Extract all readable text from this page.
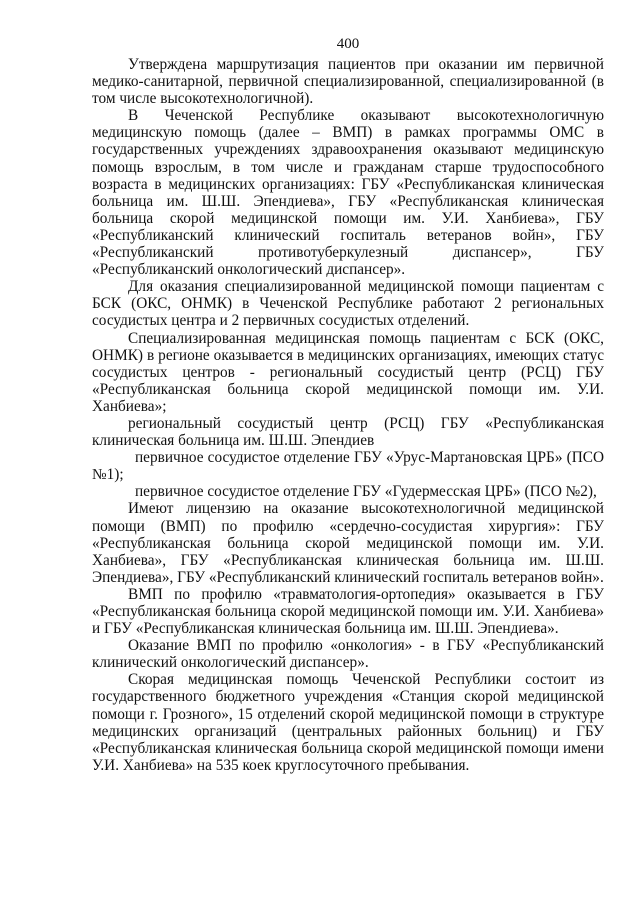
400

Утверждена маршрутизация пациентов при оказании им первичной медико-санитарной, первичной специализированной, специализированной (в том числе высокотехнологичной).

В Чеченской Республике оказывают высокотехнологичную медицинскую помощь (далее – ВМП) в рамках программы ОМС в государственных учреждениях здравоохранения оказывают медицинскую помощь взрослым, в том числе и гражданам старше трудоспособного возраста в медицинских организациях: ГБУ «Республиканская клиническая больница им. Ш.Ш. Эпендиева», ГБУ «Республиканская клиническая больница скорой медицинской помощи им. У.И. Ханбиева», ГБУ «Республиканский клинический госпиталь ветеранов войн», ГБУ «Республиканский противотуберкулезный диспансер», ГБУ «Республиканский онкологический диспансер».

Для оказания специализированной медицинской помощи пациентам с БСК (ОКС, ОНМК) в Чеченской Республике работают 2 региональных сосудистых центра и 2 первичных сосудистых отделений.

Специализированная медицинская помощь пациентам с БСК (ОКС, ОНМК) в регионе оказывается в медицинских организациях, имеющих статус сосудистых центров - региональный сосудистый центр (РСЦ) ГБУ «Республиканская больница скорой медицинской помощи им. У.И. Ханбиева»;

региональный сосудистый центр (РСЦ) ГБУ «Республиканская клиническая больница им. Ш.Ш. Эпендиев

первичное сосудистое отделение ГБУ «Урус-Мартановская ЦРБ» (ПСО №1);

первичное сосудистое отделение ГБУ «Гудермесская ЦРБ» (ПСО №2),

Имеют лицензию на оказание высокотехнологичной медицинской помощи (ВМП) по профилю «сердечно-сосудистая хирургия»: ГБУ «Республиканская больница скорой медицинской помощи им. У.И. Ханбиева», ГБУ «Республиканская клиническая больница им. Ш.Ш. Эпендиева», ГБУ «Республиканский клинический госпиталь ветеранов войн».

ВМП по профилю «травматология-ортопедия» оказывается в ГБУ «Республиканская больница скорой медицинской помощи им. У.И. Ханбиева» и ГБУ «Республиканская клиническая больница им. Ш.Ш. Эпендиева».

Оказание ВМП по профилю «онкология» - в ГБУ «Республиканский клинический онкологический диспансер».

Скорая медицинская помощь Чеченской Республики состоит из государственного бюджетного учреждения «Станция скорой медицинской помощи г. Грозного», 15 отделений скорой медицинской помощи в структуре медицинских организаций (центральных районных больниц) и ГБУ «Республиканская клиническая больница скорой медицинской помощи имени У.И. Ханбиева» на 535 коек круглосуточного пребывания.
